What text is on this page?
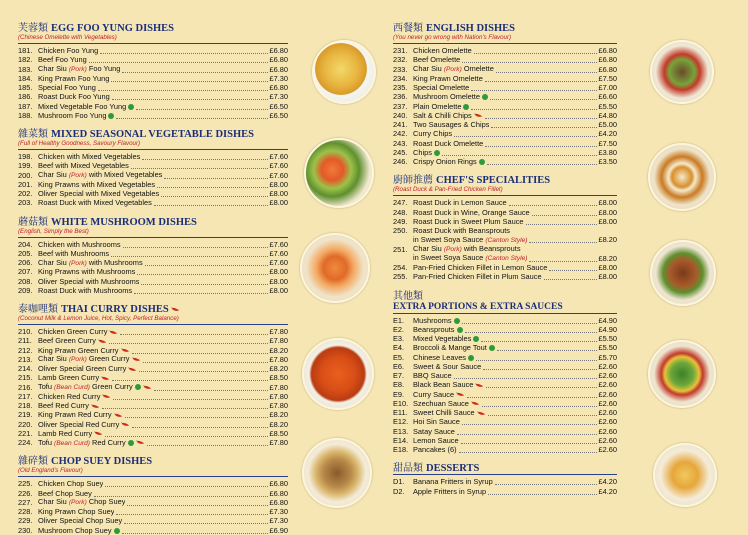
芙蓉類 EGG FOO YUNG DISHES
(Chinese Omelette with Vegetables)
181. Chicken Foo Yung	£6.80
182. Beef Foo Yung	£6.80
183. Char Siu (Pork) Foo Yung	£6.80
184. King Prawn Foo Yung	£7.30
185. Special Foo Yung	£6.80
186. Roast Duck Foo Yung	£7.30
187. Mixed Vegetable Foo Yung	£6.50
188. Mushroom Foo Yung	£6.50
雜菜類 MIXED SEASONAL VEGETABLE DISHES
(Full of Healthy Goodness, Savoury Flavour)
198. Chicken with Mixed Vegetables	£7.60
199. Beef with Mixed Vegetables	£7.60
200. Char Siu (Pork) with Mixed Vegetables	£7.60
201. King Prawns with Mixed Vegetables	£8.00
202. Oliver Special with Mixed Vegetables	£8.00
203. Roast Duck with Mixed Vegetables	£8.00
蘑菇類 WHITE MUSHROOM DISHES
(English, Simply the Best)
204. Chicken with Mushrooms	£7.60
205. Beef with Mushrooms	£7.60
206. Char Siu (Pork) with Mushrooms	£7.60
207. King Prawns with Mushrooms	£8.00
208. Oliver Special with Mushrooms	£8.00
209. Roast Duck with Mushrooms	£8.00
泰咖哩類 THAI CURRY DISHES
(Coconut Milk & Lemon Juice, Hot, Spicy, Perfect Balance)
210. Chicken Green Curry	£7.80
211. Beef Green Curry	£7.80
212. King Prawn Green Curry	£8.20
213. Char Siu (Pork) Green Curry	£7.80
214. Oliver Special Green Curry	£8.20
215. Lamb Green Curry	£8.50
216. Tofu (Bean Curd) Green Curry	£7.80
217. Chicken Red Curry	£7.80
218. Beef Red Curry	£7.80
219. King Prawn Red Curry	£8.20
220. Oliver Special Red Curry	£8.20
221. Lamb Red Curry	£8.50
224. Tofu (Bean Curd) Red Curry	£7.80
雜碎類 CHOP SUEY DISHES
(Old England's Flavour)
225. Chicken Chop Suey	£6.80
226. Beef Chop Suey	£6.80
227. Char Siu (Pork) Chop Suey	£6.80
228. King Prawn Chop Suey	£7.30
229. Oliver Special Chop Suey	£7.30
230. Mushroom Chop Suey	£6.90
西餐類 ENGLISH DISHES
(You never go wrong with Nation's Flavour)
231. Chicken Omelette	£6.80
232. Beef Omelette	£6.80
233. Char Siu (Pork) Omelette	£6.80
234. King Prawn Omelette	£7.50
235. Special Omelette	£7.00
236. Mushroom Omelette	£6.60
237. Plain Omelette	£5.50
240. Salt & Chilli Chips	£4.80
241. Two Sausages & Chips	£5.00
242. Curry Chips	£4.20
243. Roast Duck Omelette	£7.50
245. Chips	£3.80
246. Crispy Onion Rings	£3.50
廚師推薦 CHEF'S SPECIALITIES
(Roast Duck & Pan-Fried Chicken Fillet)
247. Roast Duck in Lemon Sauce	£8.00
248. Roast Duck in Wine, Orange Sauce	£8.00
249. Roast Duck in Sweet Plum Sauce	£8.00
250. Roast Duck with Beansprouts
in Sweet Soya Sauce (Canton Style)	£8.20
251. Char Siu (Pork) with Beansprouts
in Sweet Soya Sauce (Canton Style)	£8.20
254. Pan-Fried Chicken Fillet in Lemon Sauce	£8.00
255. Pan-Fried Chicken Fillet in Plum Sauce	£8.00
其他類
EXTRA PORTIONS & EXTRA SAUCES
E1.	Mushrooms	£4.90
E2.	Beansprouts	£4.90
E3.	Mixed Vegetables	£5.50
E4.	Broccoli & Mange Tout	£5.50
E5.	Chinese Leaves	£5.70
E6.	Sweet & Sour Sauce	£2.60
E7.	BBQ Sauce	£2.60
E8.	Black Bean Sauce	£2.60
E9.	Curry Sauce	£2.60
E10. Szechuan Sauce	£2.60
E11. Sweet Chilli Sauce	£2.60
E12. Hoi Sin Sauce	£2.60
E13. Satay Sauce	£2.60
E14. Lemon Sauce	£2.60
E18. Pancakes (6)	£2.60
甜品類 DESSERTS
D1.	Banana Fritters in Syrup	£4.20
D2.	Apple Fritters in Syrup	£4.20
